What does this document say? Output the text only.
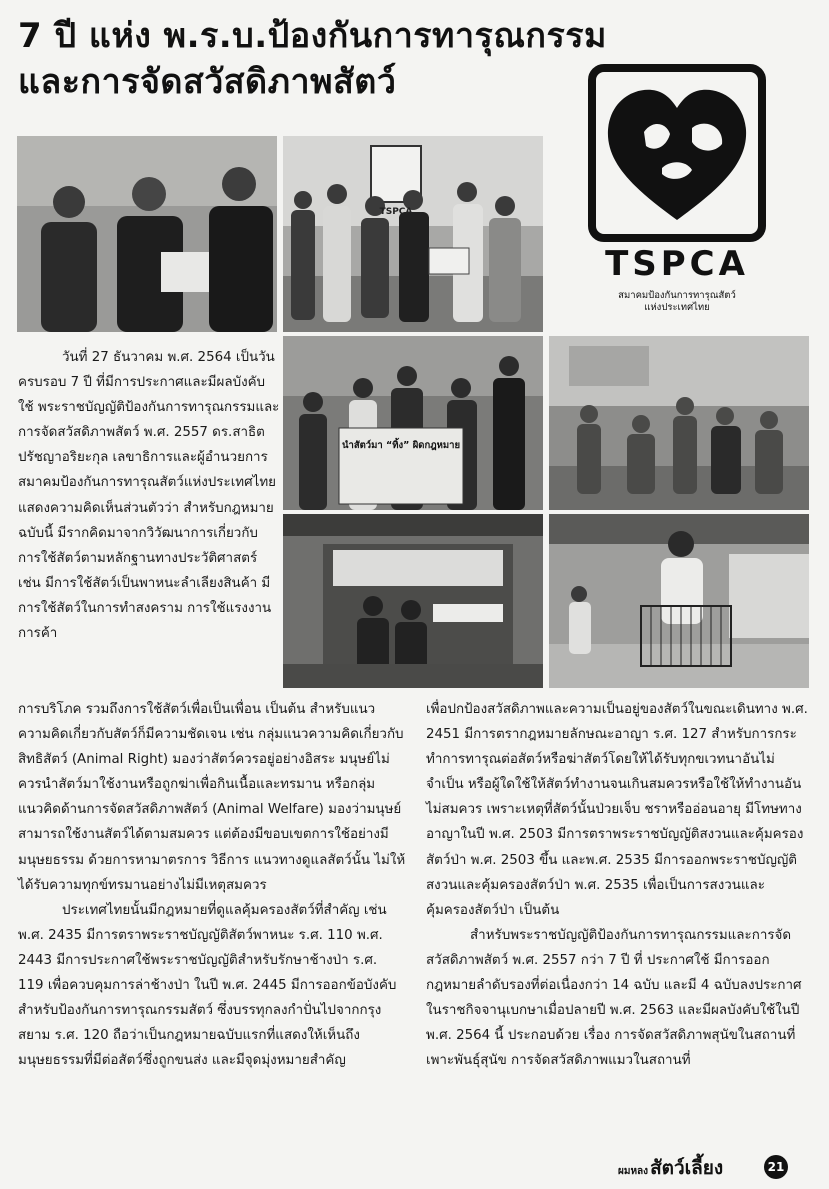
7 ปี แห่ง พ.ร.บ.ป้องกันการทารุณกรรม
และการจัดสวัสดิภาพสัตว์
TSPCA
สมาคมป้องกันการทารุณสัตว์
แห่งประเทศไทย
TSPCA
นำสัตว์มา “ทิ้ง” ผิดกฎหมาย

วันที่ 27 ธันวาคม พ.ศ. 2564 เป็นวันครบรอบ 7 ปี ที่มีการประกาศและมีผลบังคับใช้ พระราชบัญญัติป้องกันการทารุณกรรมและการจัดสวัสดิภาพสัตว์ พ.ศ. 2557 ดร.สาธิต ปรัชญาอริยะกุล เลขาธิการและผู้อำนวยการสมาคมป้องกันการทารุณสัตว์แห่งประเทศไทย แสดงความคิดเห็นส่วนตัวว่า สำหรับกฎหมายฉบับนี้ มีรากคิดมาจากวิวัฒนาการเกี่ยวกับการใช้สัตว์ตามหลักฐานทางประวัติศาสตร์ เช่น มีการใช้สัตว์เป็นพาหนะลำเลียงสินค้า มีการใช้สัตว์ในการทำสงคราม การใช้แรงงาน การค้า

การบริโภค รวมถึงการใช้สัตว์เพื่อเป็นเพื่อน เป็นต้น สำหรับแนวความคิดเกี่ยวกับสัตว์ก็มีความชัดเจน เช่น กลุ่มแนวความคิดเกี่ยวกับสิทธิสัตว์ (Animal Right) มองว่าสัตว์ควรอยู่อย่างอิสระ มนุษย์ไม่ควรนำสัตว์มาใช้งานหรือถูกฆ่าเพื่อกินเนื้อและทรมาน หรือกลุ่มแนวคิดด้านการจัดสวัสดิภาพสัตว์ (Animal Welfare) มองว่ามนุษย์สามารถใช้งานสัตว์ได้ตามสมควร แต่ต้องมีขอบเขตการใช้อย่างมีมนุษยธรรม ด้วยการหามาตรการ วิธีการ แนวทางดูแลสัตว์นั้น ไม่ให้ได้รับความทุกข์ทรมานอย่างไม่มีเหตุสมควร

ประเทศไทยนั้นมีกฎหมายที่ดูแลคุ้มครองสัตว์ที่สำคัญ เช่น พ.ศ. 2435 มีการตราพระราชบัญญัติสัตว์พาหนะ ร.ศ. 110 พ.ศ. 2443 มีการประกาศใช้พระราชบัญญัติสำหรับรักษาช้างป่า ร.ศ. 119 เพื่อควบคุมการล่าช้างป่า ในปี พ.ศ. 2445 มีการออกข้อบังคับสำหรับป้องกันการทารุณกรรมสัตว์ ซึ่งบรรทุกลงกำปั่นไปจากกรุงสยาม ร.ศ. 120 ถือว่าเป็นกฎหมายฉบับแรกที่แสดงให้เห็นถึงมนุษยธรรมที่มีต่อสัตว์ซึ่งถูกขนส่ง และมีจุดมุ่งหมายสำคัญ

เพื่อปกป้องสวัสดิภาพและความเป็นอยู่ของสัตว์ในขณะเดินทาง พ.ศ. 2451 มีการตรากฎหมายลักษณะอาญา ร.ศ. 127 สำหรับการกระทำการทารุณต่อสัตว์หรือฆ่าสัตว์โดยให้ได้รับทุกขเวทนาอันไม่จำเป็น หรือผู้ใดใช้ให้สัตว์ทำงานจนเกินสมควรหรือใช้ให้ทำงานอันไม่สมควร เพราะเหตุที่สัตว์นั้นป่วยเจ็บ ชราหรืออ่อนอายุ มีโทษทางอาญาในปี พ.ศ. 2503 มีการตราพระราชบัญญัติสงวนและคุ้มครองสัตว์ป่า พ.ศ. 2503 ขึ้น และพ.ศ. 2535 มีการออกพระราชบัญญัติสงวนและคุ้มครองสัตว์ป่า พ.ศ. 2535 เพื่อเป็นการสงวนและคุ้มครองสัตว์ป่า เป็นต้น

สำหรับพระราชบัญญัติป้องกันการทารุณกรรมและการจัดสวัสดิภาพสัตว์ พ.ศ. 2557 กว่า 7 ปี ที่ ประกาศใช้ มีการออกกฎหมายลำดับรองที่ต่อเนื่องกว่า 14 ฉบับ และมี 4 ฉบับลงประกาศในราชกิจจานุเบกษาเมื่อปลายปี พ.ศ. 2563 และมีผลบังคับใช้ในปี พ.ศ. 2564 นี้ ประกอบด้วย เรื่อง การจัดสวัสดิภาพสุนัขในสถานที่เพาะพันธุ์สุนัข การจัดสวัสดิภาพแมวในสถานที่

ผมหลง สัตว์เลี้ยง	21
